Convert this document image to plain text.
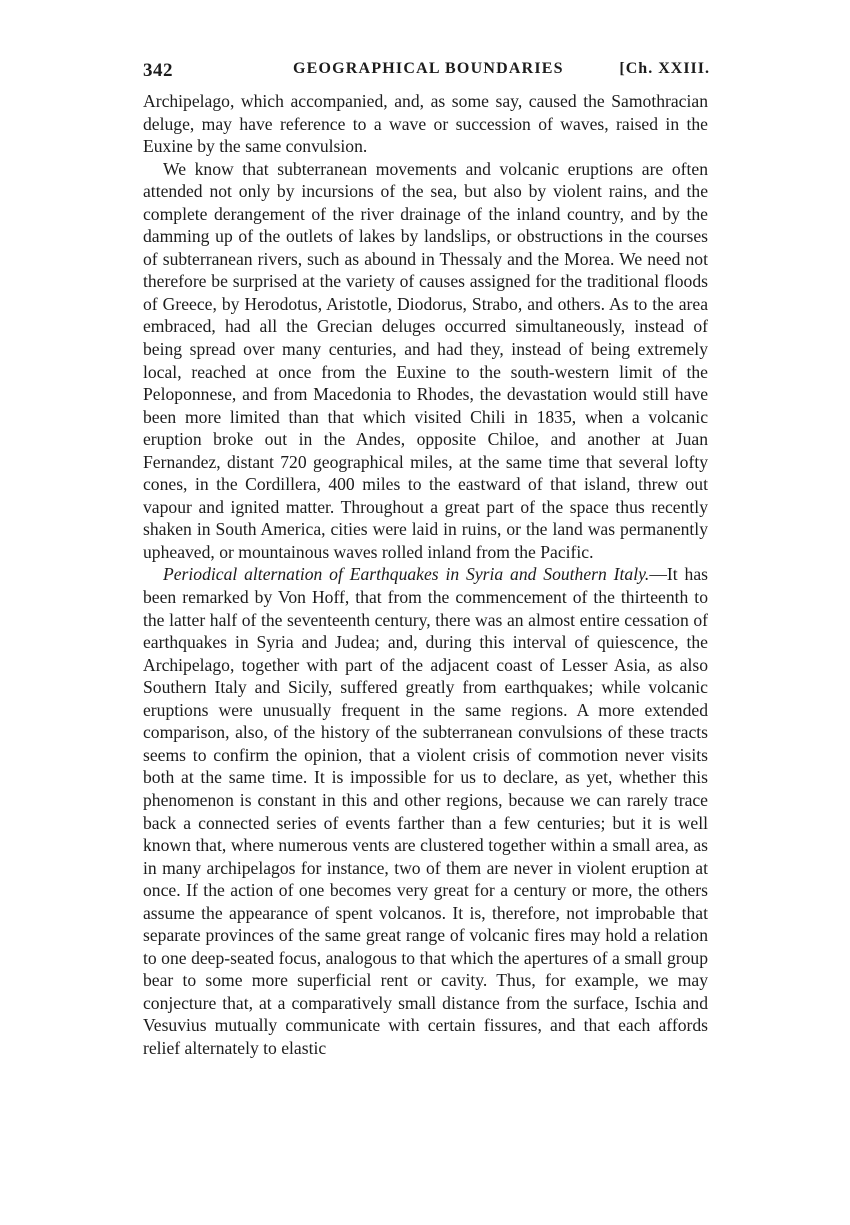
342	GEOGRAPHICAL BOUNDARIES	[Ch. XXIII.

Archipelago, which accompanied, and, as some say, caused the Samothracian deluge, may have reference to a wave or succession of waves, raised in the Euxine by the same convulsion.

We know that subterranean movements and volcanic eruptions are often attended not only by incursions of the sea, but also by violent rains, and the complete derangement of the river drainage of the inland country, and by the damming up of the outlets of lakes by landslips, or obstructions in the courses of subterranean rivers, such as abound in Thessaly and the Morea. We need not therefore be surprised at the variety of causes assigned for the traditional floods of Greece, by Herodotus, Aristotle, Diodorus, Strabo, and others. As to the area embraced, had all the Grecian deluges occurred simultaneously, instead of being spread over many centuries, and had they, instead of being extremely local, reached at once from the Euxine to the south-western limit of the Peloponnese, and from Macedonia to Rhodes, the devastation would still have been more limited than that which visited Chili in 1835, when a volcanic eruption broke out in the Andes, opposite Chiloe, and another at Juan Fernandez, distant 720 geographical miles, at the same time that several lofty cones, in the Cordillera, 400 miles to the eastward of that island, threw out vapour and ignited matter. Throughout a great part of the space thus recently shaken in South America, cities were laid in ruins, or the land was permanently upheaved, or mountainous waves rolled inland from the Pacific.

Periodical alternation of Earthquakes in Syria and Southern Italy.—It has been remarked by Von Hoff, that from the commencement of the thirteenth to the latter half of the seventeenth century, there was an almost entire cessation of earthquakes in Syria and Judea; and, during this interval of quiescence, the Archipelago, together with part of the adjacent coast of Lesser Asia, as also Southern Italy and Sicily, suffered greatly from earthquakes; while volcanic eruptions were unusually frequent in the same regions. A more extended comparison, also, of the history of the subterranean convulsions of these tracts seems to confirm the opinion, that a violent crisis of commotion never visits both at the same time. It is impossible for us to declare, as yet, whether this phenomenon is constant in this and other regions, because we can rarely trace back a connected series of events farther than a few centuries; but it is well known that, where numerous vents are clustered together within a small area, as in many archipelagos for instance, two of them are never in violent eruption at once. If the action of one becomes very great for a century or more, the others assume the appearance of spent volcanos. It is, therefore, not improbable that separate provinces of the same great range of volcanic fires may hold a relation to one deep-seated focus, analogous to that which the apertures of a small group bear to some more superficial rent or cavity. Thus, for example, we may conjecture that, at a comparatively small distance from the surface, Ischia and Vesuvius mutually communicate with certain fissures, and that each affords relief alternately to elastic
